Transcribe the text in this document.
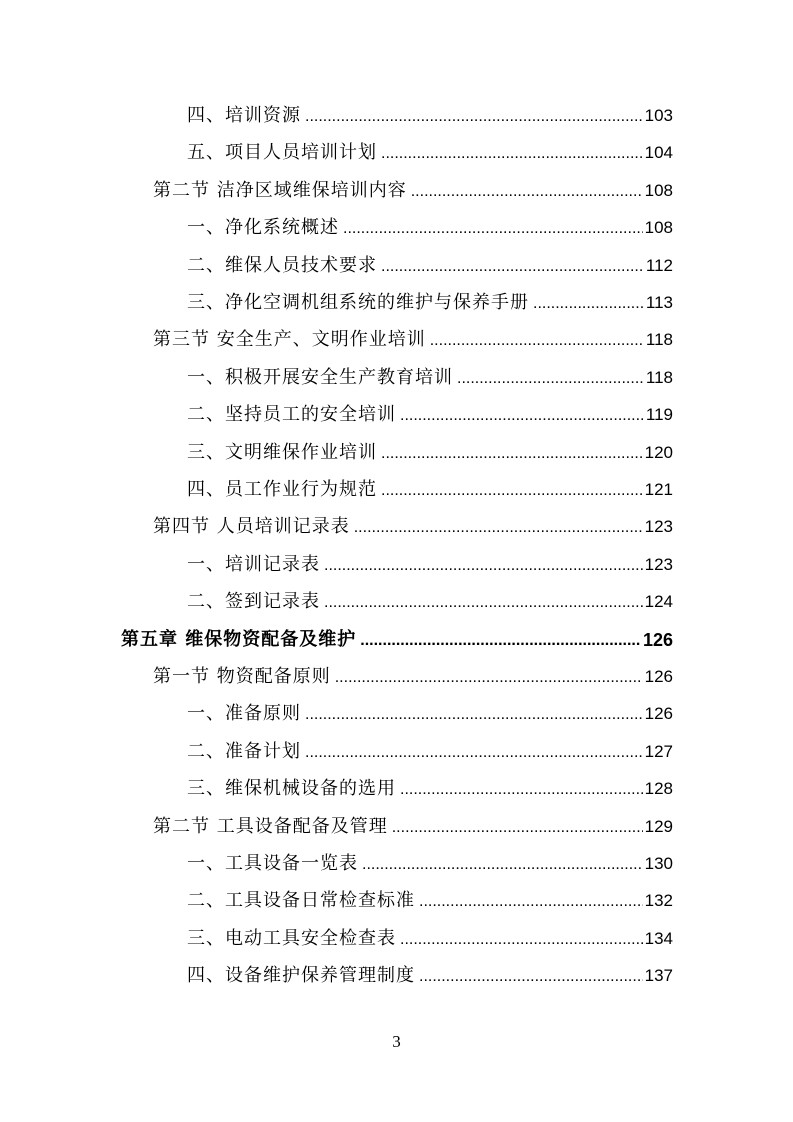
四、培训资源 .....	103
五、项目人员培训计划 .....	104
第二节 洁净区域维保培训内容 .....	108
一、净化系统概述 .....	108
二、维保人员技术要求 .....	112
三、净化空调机组系统的维护与保养手册 .....	113
第三节 安全生产、文明作业培训 .....	118
一、积极开展安全生产教育培训 .....	118
二、坚持员工的安全培训 .....	119
三、文明维保作业培训 .....	120
四、员工作业行为规范 .....	121
第四节 人员培训记录表 .....	123
一、培训记录表 .....	123
二、签到记录表 .....	124
第五章 维保物资配备及维护 .....	126
第一节 物资配备原则 .....	126
一、准备原则 .....	126
二、准备计划 .....	127
三、维保机械设备的选用 .....	128
第二节 工具设备配备及管理 .....	129
一、工具设备一览表 .....	130
二、工具设备日常检查标准 .....	132
三、电动工具安全检查表 .....	134
四、设备维护保养管理制度 .....	137
3
